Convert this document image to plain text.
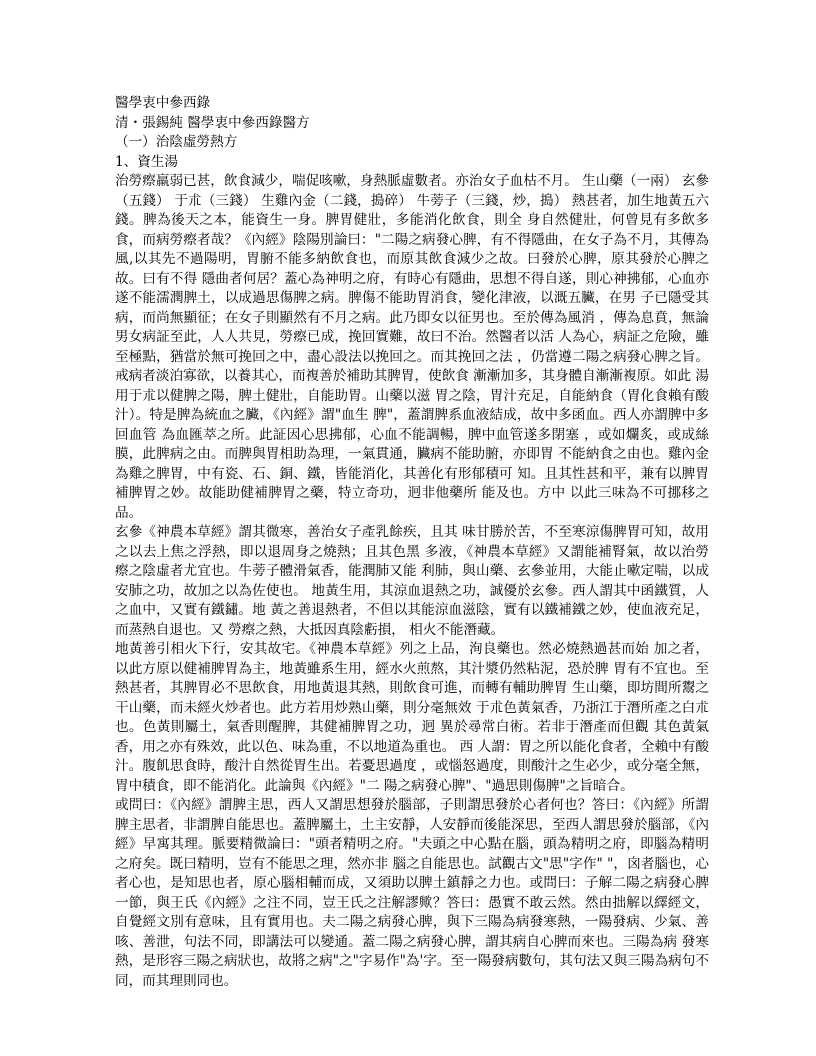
醫學衷中參西錄
清・張錫純 醫學衷中參西錄醫方
（一）治陰虛勞熱方
1、資生湯

治勞瘵羸弱已甚，飲食減少，喘促咳嗽，身熱脈虛數者。亦治女子血枯不月。 生山藥（一兩） 玄參（五錢） 于朮（三錢） 生雞內金（二錢，搗碎） 牛蒡子（三錢，炒，搗） 熱甚者，加生地黃五六錢。脾為後天之本，能資生一身。脾胃健壯，多能消化飲食，則全 身自然健壯，何曾見有多飲多食，而病勞瘵者哉？《內經》陰陽別論曰："二陽之病發心脾，有不得隱曲，在女子為不月，其傳為風,以其先不過陽明，胃腑不能多納飲食也，而原其飲食減少之故。曰發於心脾，原其發於心脾之故。曰有不得 隱曲者何居？蓋心為神明之府，有時心有隱曲，思想不得自遂，則心神拂郁，心血亦遂不能濡潤脾土，以成過思傷脾之病。脾傷不能助胃消食，變化津液，以溉五臟，在男 子已隱受其病，而尚無顯征；在女子則顯然有不月之病。此乃即女以征男也。至於傳為風消 ，傳為息賁，無論男女病証至此，人人共見，勞瘵已成，挽回實難，故曰不治。然醫者以活 人為心，病証之危險，雖至極點，猶當於無可挽回之中，盡心設法以挽回之。而其挽回之法 ，仍當遵二陽之病發心脾之旨。戒病者淡泊寡欲，以養其心，而複善於補助其脾胃，使飲食 漸漸加多，其身體自漸漸複原。如此 湯用于朮以健脾之陽，脾土健壯，自能助胃。山藥以滋 胃之陰，胃汁充足，自能納食（胃化食賴有酸汁）。特是脾為統血之臟，《內經》謂"血生 脾"，蓋謂脾系血液結成，故中多函血。西人亦謂脾中多回血管 為血匯萃之所。此証因心思拂郁，心血不能調暢，脾中血管遂多閉塞 ，或如爛炙，或成絲膜，此脾病之由。而脾與胃相助為理，一氣貫通，臟病不能助腑，亦即胃 不能納食之由也。雞內金為雞之脾胃，中有瓷、石、銅、鐵，皆能消化，其善化有形郁積可 知。且其性甚和平，兼有以脾胃補脾胃之妙。故能助健補脾胃之藥，特立奇功，迥非他藥所 能及也。方中 以此三味為不可挪移之品。

玄參《神農本草經》謂其微寒，善治女子產乳餘疾，且其 味甘勝於苦，不至寒涼傷脾胃可知，故用之以去上焦之浮熱，即以退周身之燒熱；且其色黑 多液，《神農本草經》又謂能補腎氣，故以治勞瘵之陰虛者尤宜也。牛蒡子體滑氣香，能潤肺又能 利肺，與山藥、玄參並用，大能止嗽定喘，以成安肺之功，故加之以為佐使也。 地黃生用，其涼血退熱之功，誠優於玄參。西人謂其中函鐵質，人之血中，又實有鐵鏽。地 黃之善退熱者，不但以其能涼血滋陰，實有以鐵補鐵之妙，使血液充足，而蒸熱自退也。又 勞瘵之熱，大抵因真陰虧損， 相火不能潛藏。

地黃善引相火下行，安其故宅。《神農本草經》列之上品，洵良藥也。然必燒熱過甚而始 加之者，以此方原以健補脾胃為主，地黃雖系生用，經水火煎熬，其汁漿仍然粘泥，恐於脾 胃有不宜也。至熱甚者，其脾胃必不思飲食，用地黃退其熱，則飲食可進，而轉有輔助脾胃 生山藥，即坊間所鬻之干山藥，而未經火炒者也。此方若用炒熟山藥，則分毫無效 于朮色黃氣香，乃浙江于潛所產之白朮也。色黃則屬土，氣香則醒脾，其健補脾胃之功，迥 異於尋常白術。若非于潛產而但觀 其色黃氣香，用之亦有殊效，此以色、味為重，不以地道為重也。 西 人謂：胃之所以能化食者，全賴中有酸汁。腹飢思食時，酸汁自然從胃生出。若憂思過度 ，或惱怒過度，則酸汁之生必少，或分毫全無，胃中積食，即不能消化。此論與《內經》"二 陽之病發心脾"、"過思則傷脾"之旨暗合。

或問曰：《內經》謂脾主思，西人又謂思想發於腦部，子則謂思發於心者何也？答曰：《內經》所謂脾主思者，非謂脾自能思也。蓋脾屬土，土主安靜，人安靜而後能深思，至西人謂思發於腦部，《內經》早寓其理。脈要精微論曰："頭者精明之府。"夫頭之中心點在腦，頭為精明之府，即腦為精明之府矣。既曰精明，豈有不能思之理，然亦非 腦之自能思也。試觀古文"思"字作" "，囟者腦也，心者心也，是知思也者，原心腦相輔而成，又須助以脾土鎮靜之力也。或問曰：子解二陽之病發心脾一節，與王氏《內經》之注不同，豈王氏之注解謬歟？答曰：愚實不敢云然。然由拙解以繹經文，自覺經文別有意味，且有實用也。夫二陽之病發心脾，與下三陽為病發寒熱，一陽發病、少氣、善咳、善泄，句法不同，即講法可以變通。蓋二陽之病發心脾，謂其病自心脾而來也。三陽為病 發寒熱，是形容三陽之病狀也，故將之病"之"字易作"為'字。至一陽發病數句，其句法又與三陽為病句不同，而其理則同也。
